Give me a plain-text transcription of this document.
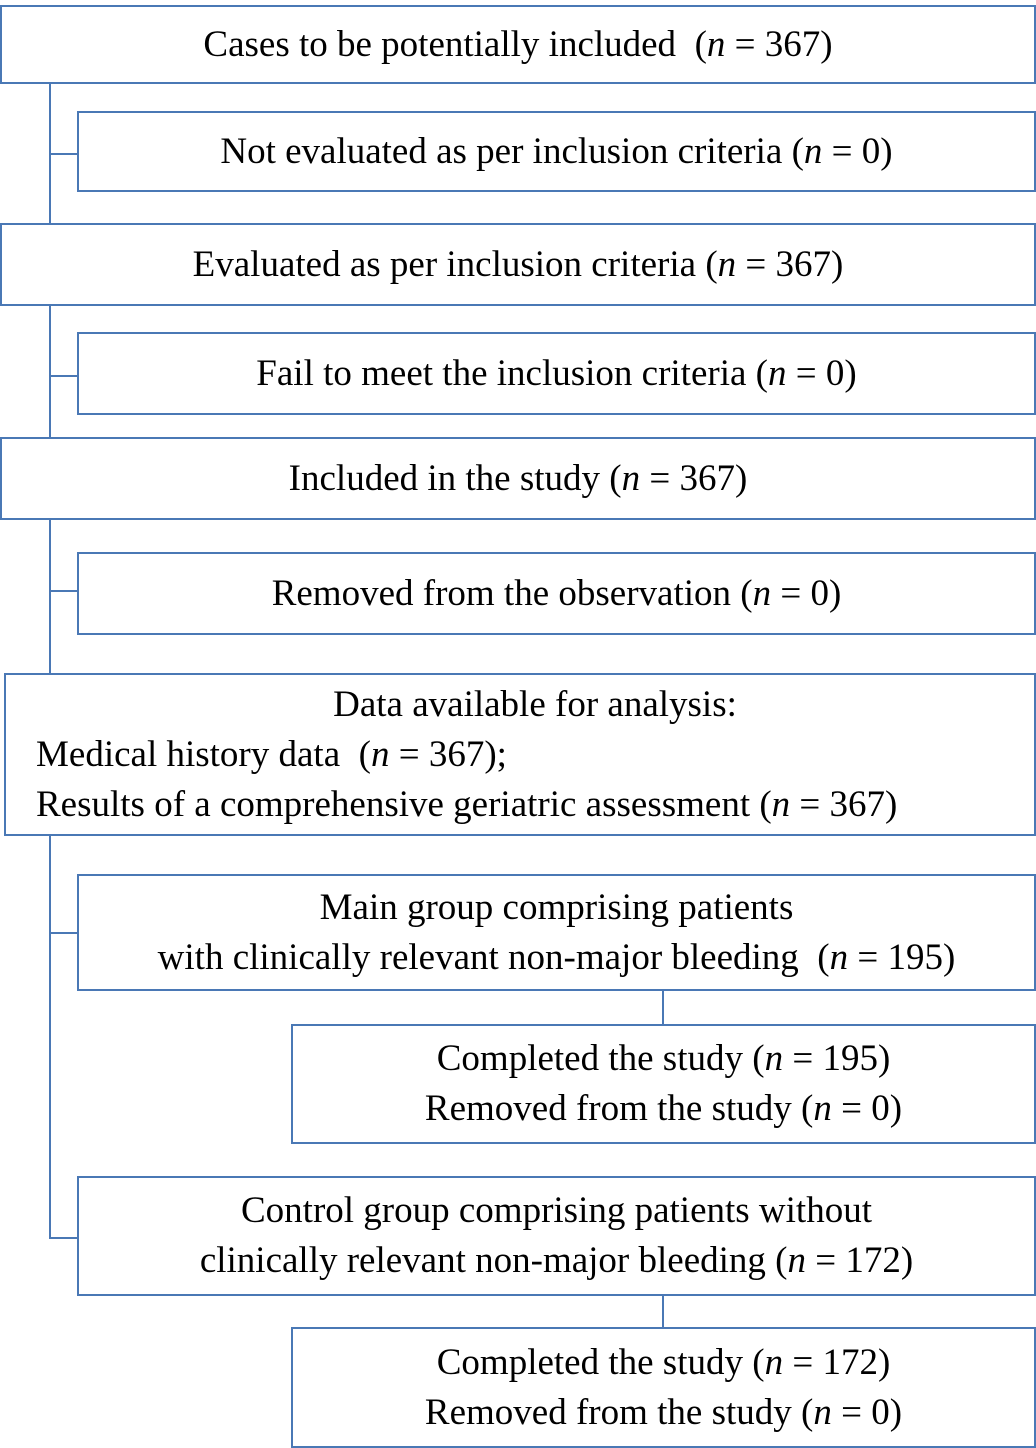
Cases to be potentially included  (n = 367)
Not evaluated as per inclusion criteria (n = 0)
Evaluated as per inclusion criteria (n = 367)
Fail to meet the inclusion criteria (n = 0)
Included in the study (n = 367)
Removed from the observation (n = 0)
Data available for analysis:
Medical history data  (n = 367);
Results of a comprehensive geriatric assessment (n = 367)
Main group comprising patients
with clinically relevant non-major bleeding  (n = 195)
Completed the study (n = 195)
Removed from the study (n = 0)
Control group comprising patients without
clinically relevant non-major bleeding (n = 172)
Completed the study (n = 172)
Removed from the study (n = 0)
